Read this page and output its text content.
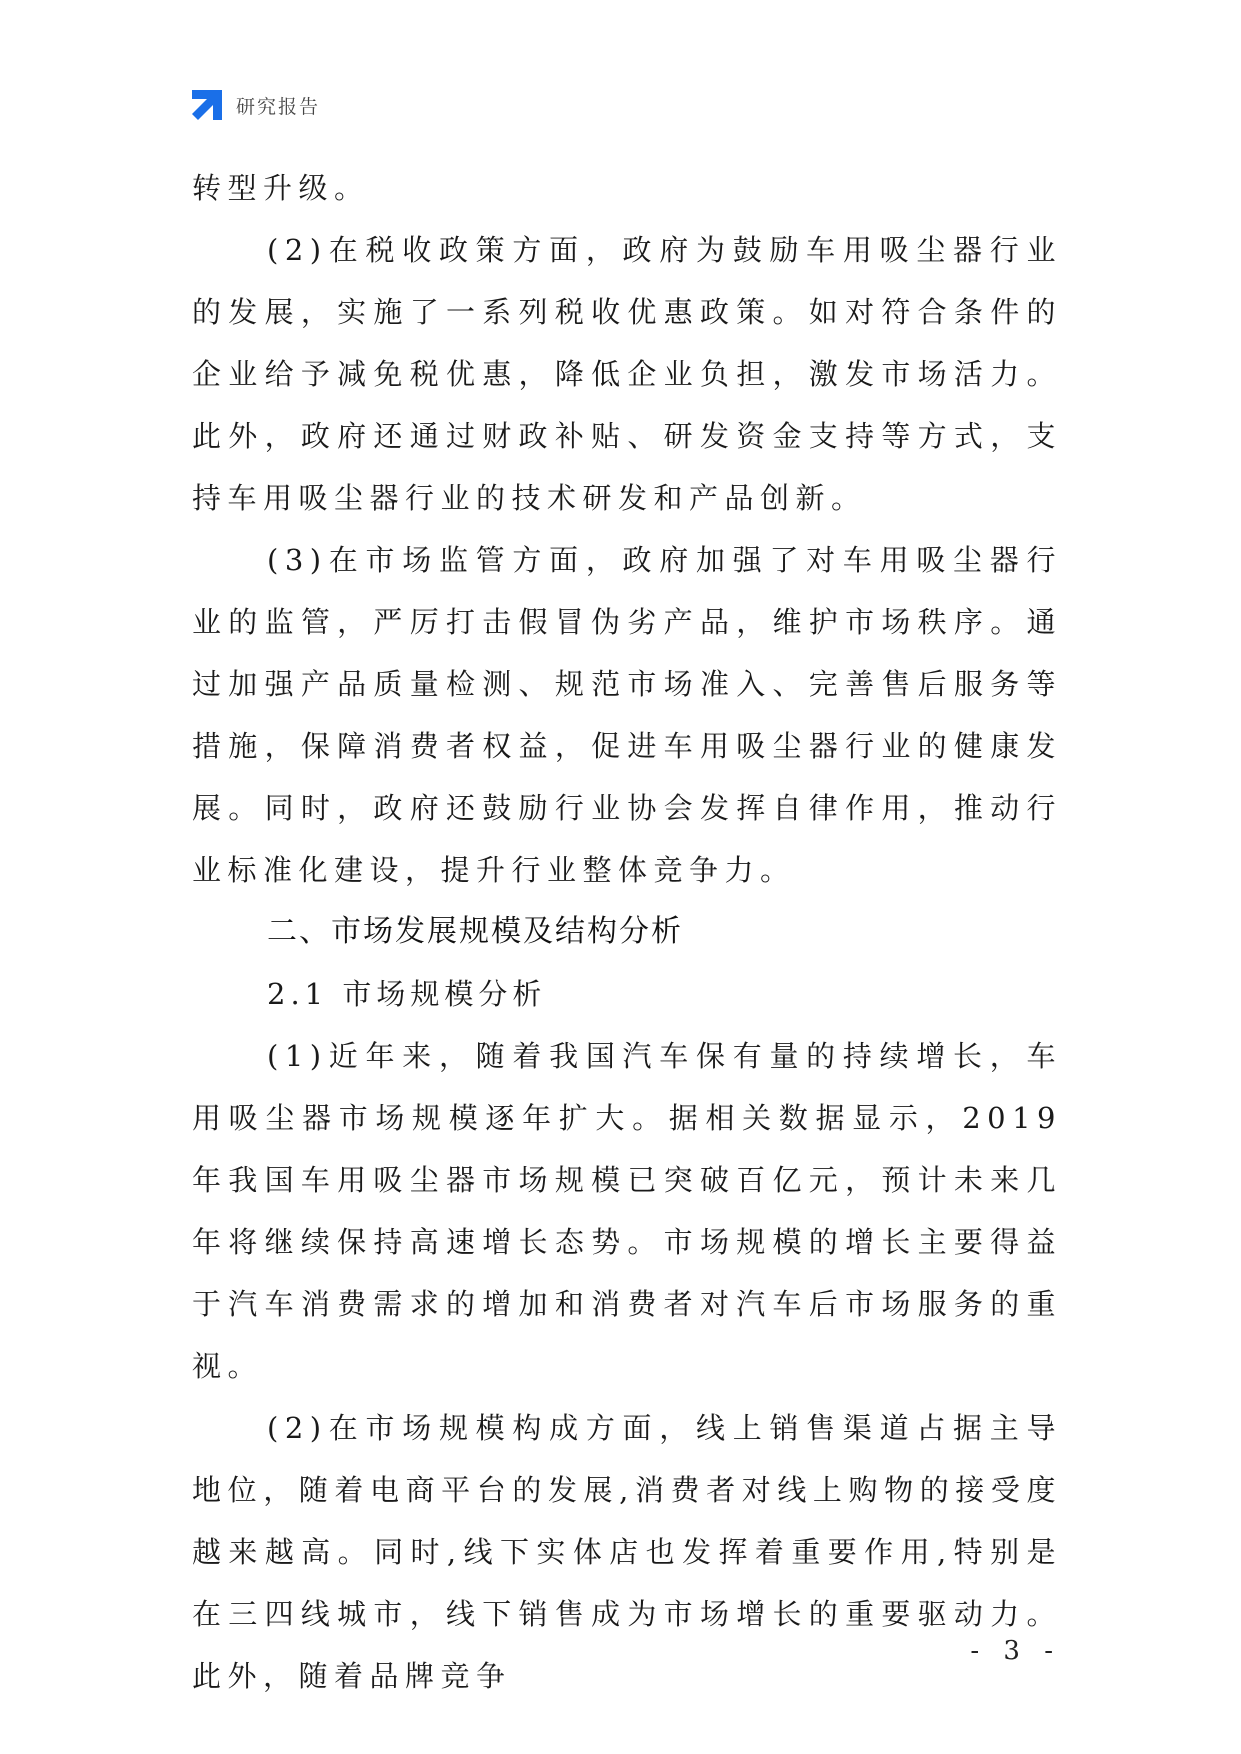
研究报告

转型升级。

(2)在税收政策方面，政府为鼓励车用吸尘器行业的发展，实施了一系列税收优惠政策。如对符合条件的企业给予减免税优惠，降低企业负担，激发市场活力。此外，政府还通过财政补贴、研发资金支持等方式，支持车用吸尘器行业的技术研发和产品创新。

(3)在市场监管方面，政府加强了对车用吸尘器行业的监管，严厉打击假冒伪劣产品，维护市场秩序。通过加强产品质量检测、规范市场准入、完善售后服务等措施，保障消费者权益，促进车用吸尘器行业的健康发展。同时，政府还鼓励行业协会发挥自律作用，推动行业标准化建设，提升行业整体竞争力。

二、市场发展规模及结构分析

2.1 市场规模分析

(1)近年来，随着我国汽车保有量的持续增长，车用吸尘器市场规模逐年扩大。据相关数据显示，2019年我国车用吸尘器市场规模已突破百亿元，预计未来几年将继续保持高速增长态势。市场规模的增长主要得益于汽车消费需求的增加和消费者对汽车后市场服务的重视。

(2)在市场规模构成方面，线上销售渠道占据主导地位，随着电商平台的发展,消费者对线上购物的接受度越来越高。同时,线下实体店也发挥着重要作用,特别是在三四线城市，线下销售成为市场增长的重要驱动力。此外，随着品牌竞争

- 3 -
